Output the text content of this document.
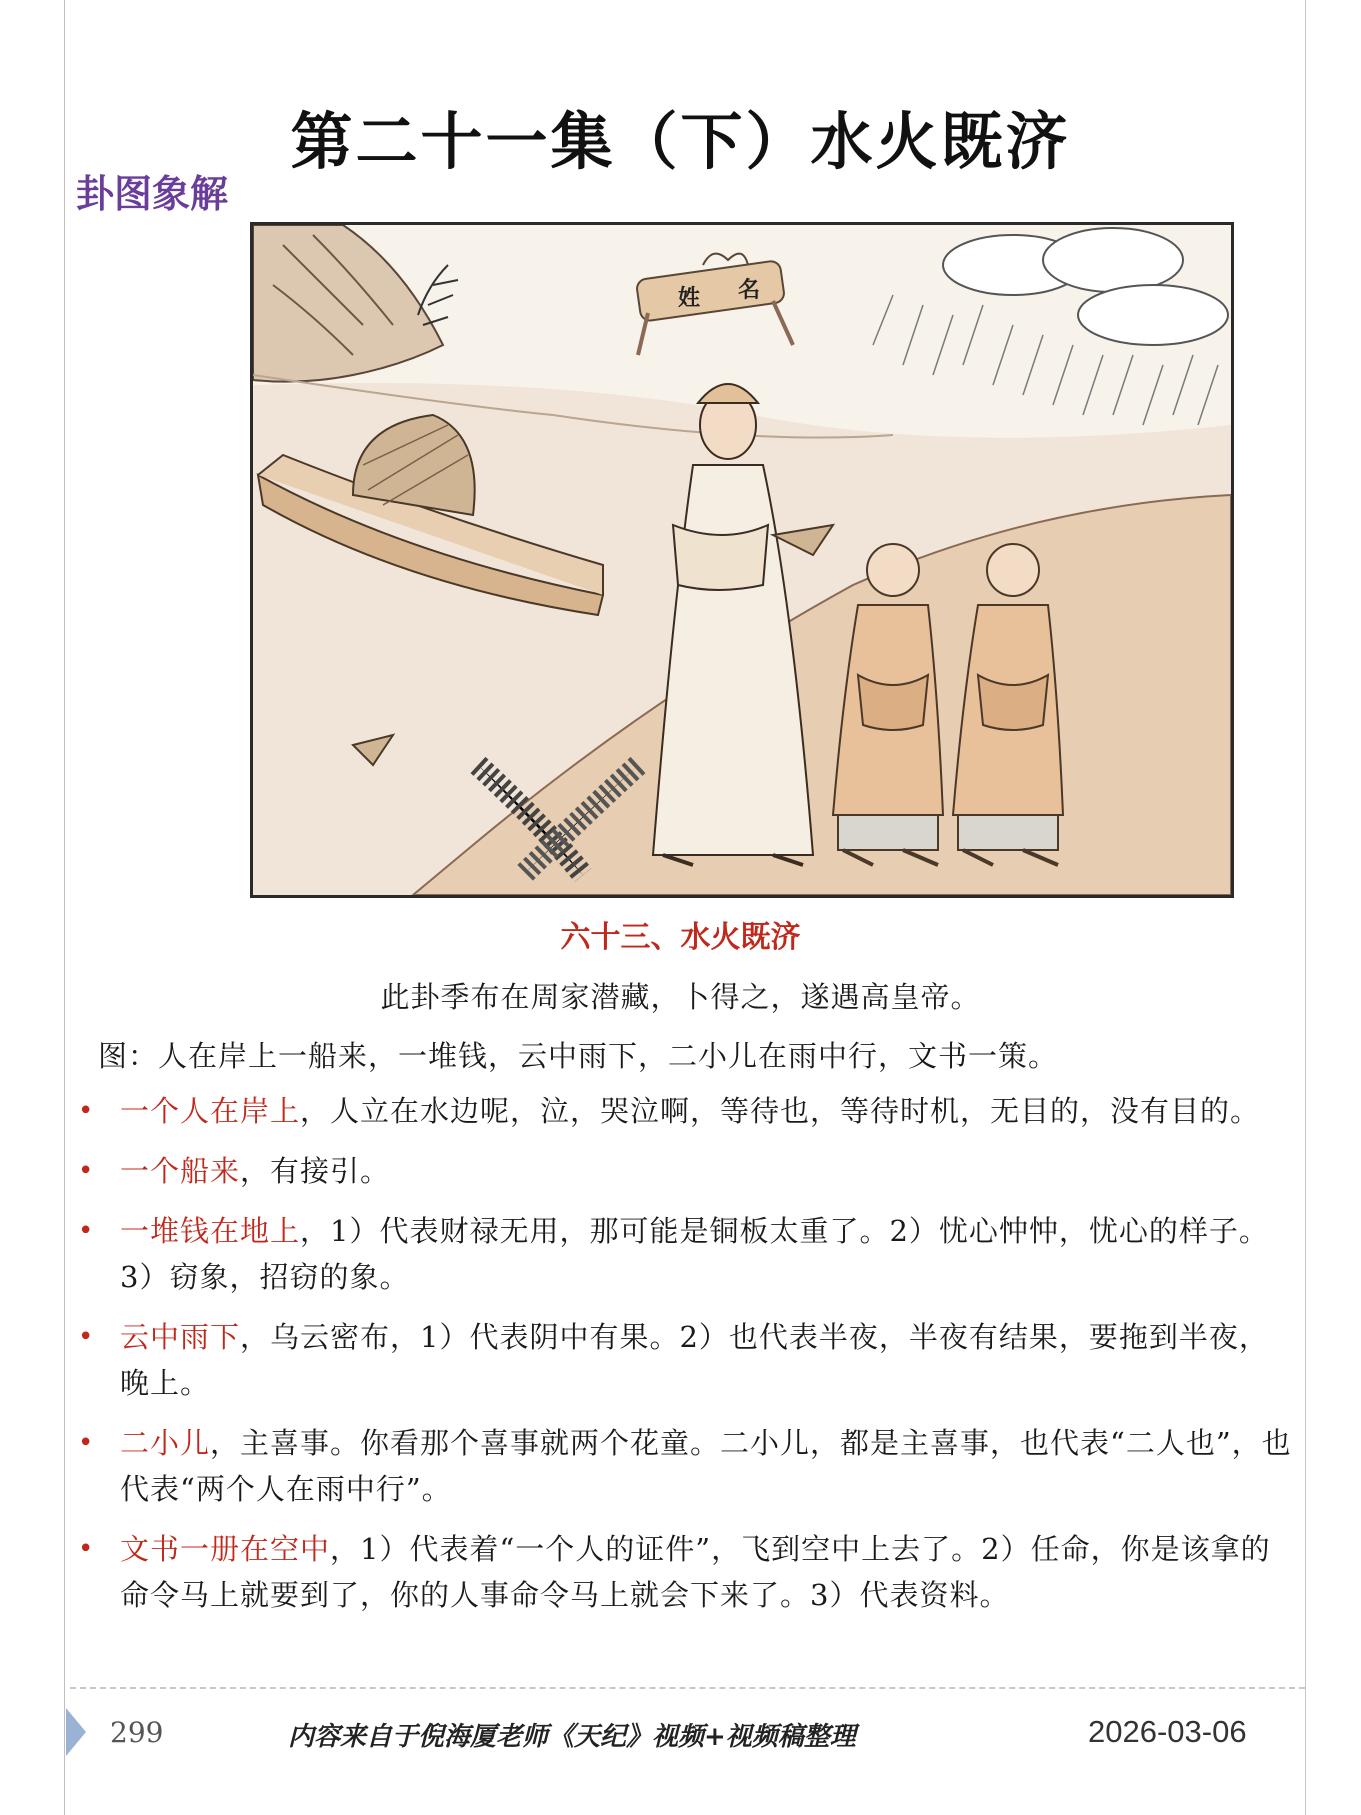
第二十一集（下）水火既济
卦图象解
姓 名
六十三、水火既济
此卦季布在周家潜藏，卜得之，遂遇高皇帝。
图：人在岸上一船来，一堆钱，云中雨下，二小儿在雨中行，文书一策。
• 一个人在岸上，人立在水边呢，泣，哭泣啊，等待也，等待时机，无目的，没有目的。
• 一个船来，有接引。
• 一堆钱在地上，1）代表财禄无用，那可能是铜板太重了。2）忧心忡忡，忧心的样子。3）窃象，招窃的象。
• 云中雨下，乌云密布，1）代表阴中有果。2）也代表半夜，半夜有结果，要拖到半夜，晚上。
• 二小儿，主喜事。你看那个喜事就两个花童。二小儿，都是主喜事，也代表“二人也”，也代表“两个人在雨中行”。
• 文书一册在空中，1）代表着“一个人的证件”，飞到空中上去了。2）任命，你是该拿的命令马上就要到了，你的人事命令马上就会下来了。3）代表资料。
299	内容来自于倪海厦老师《天纪》视频+视频稿整理	2026-03-06
